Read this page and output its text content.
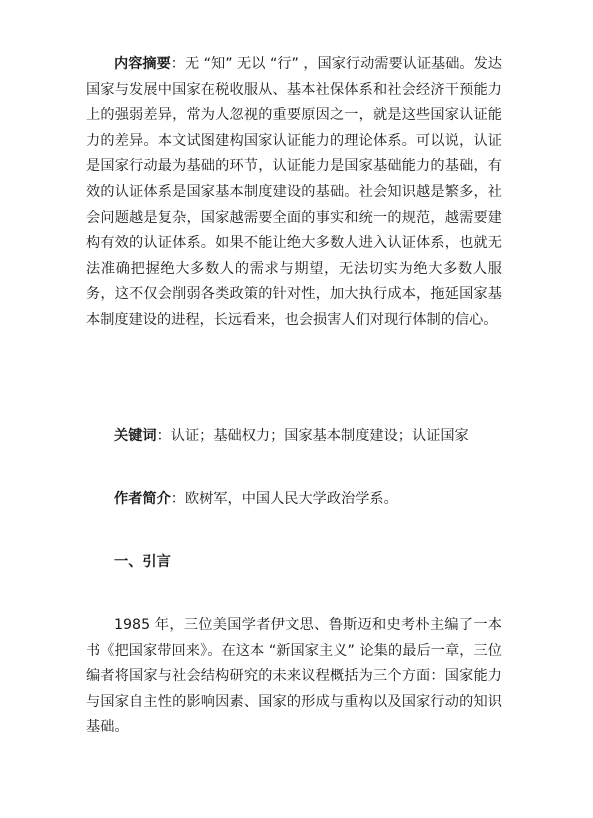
内容摘要：无 “知” 无以 “行” ，国家行动需要认证基础。发达国家与发展中国家在税收服从、基本社保体系和社会经济干预能力上的强弱差异，常为人忽视的重要原因之一，就是这些国家认证能力的差异。本文试图建构国家认证能力的理论体系。可以说，认证是国家行动最为基础的环节，认证能力是国家基础能力的基础，有效的认证体系是国家基本制度建设的基础。社会知识越是繁多，社会问题越是复杂，国家越需要全面的事实和统一的规范，越需要建构有效的认证体系。如果不能让绝大多数人进入认证体系，也就无法准确把握绝大多数人的需求与期望，无法切实为绝大多数人服务，这不仅会削弱各类政策的针对性，加大执行成本，拖延国家基本制度建设的进程，长远看来，也会损害人们对现行体制的信心。

关键词：认证；基础权力；国家基本制度建设；认证国家

作者简介：欧树军，中国人民大学政治学系。

一、引言

1985 年，三位美国学者伊文思、鲁斯迈和史考朴主编了一本书《把国家带回来》。在这本 “新国家主义” 论集的最后一章，三位编者将国家与社会结构研究的未来议程概括为三个方面：国家能力与国家自主性的影响因素、国家的形成与重构以及国家行动的知识基础。
